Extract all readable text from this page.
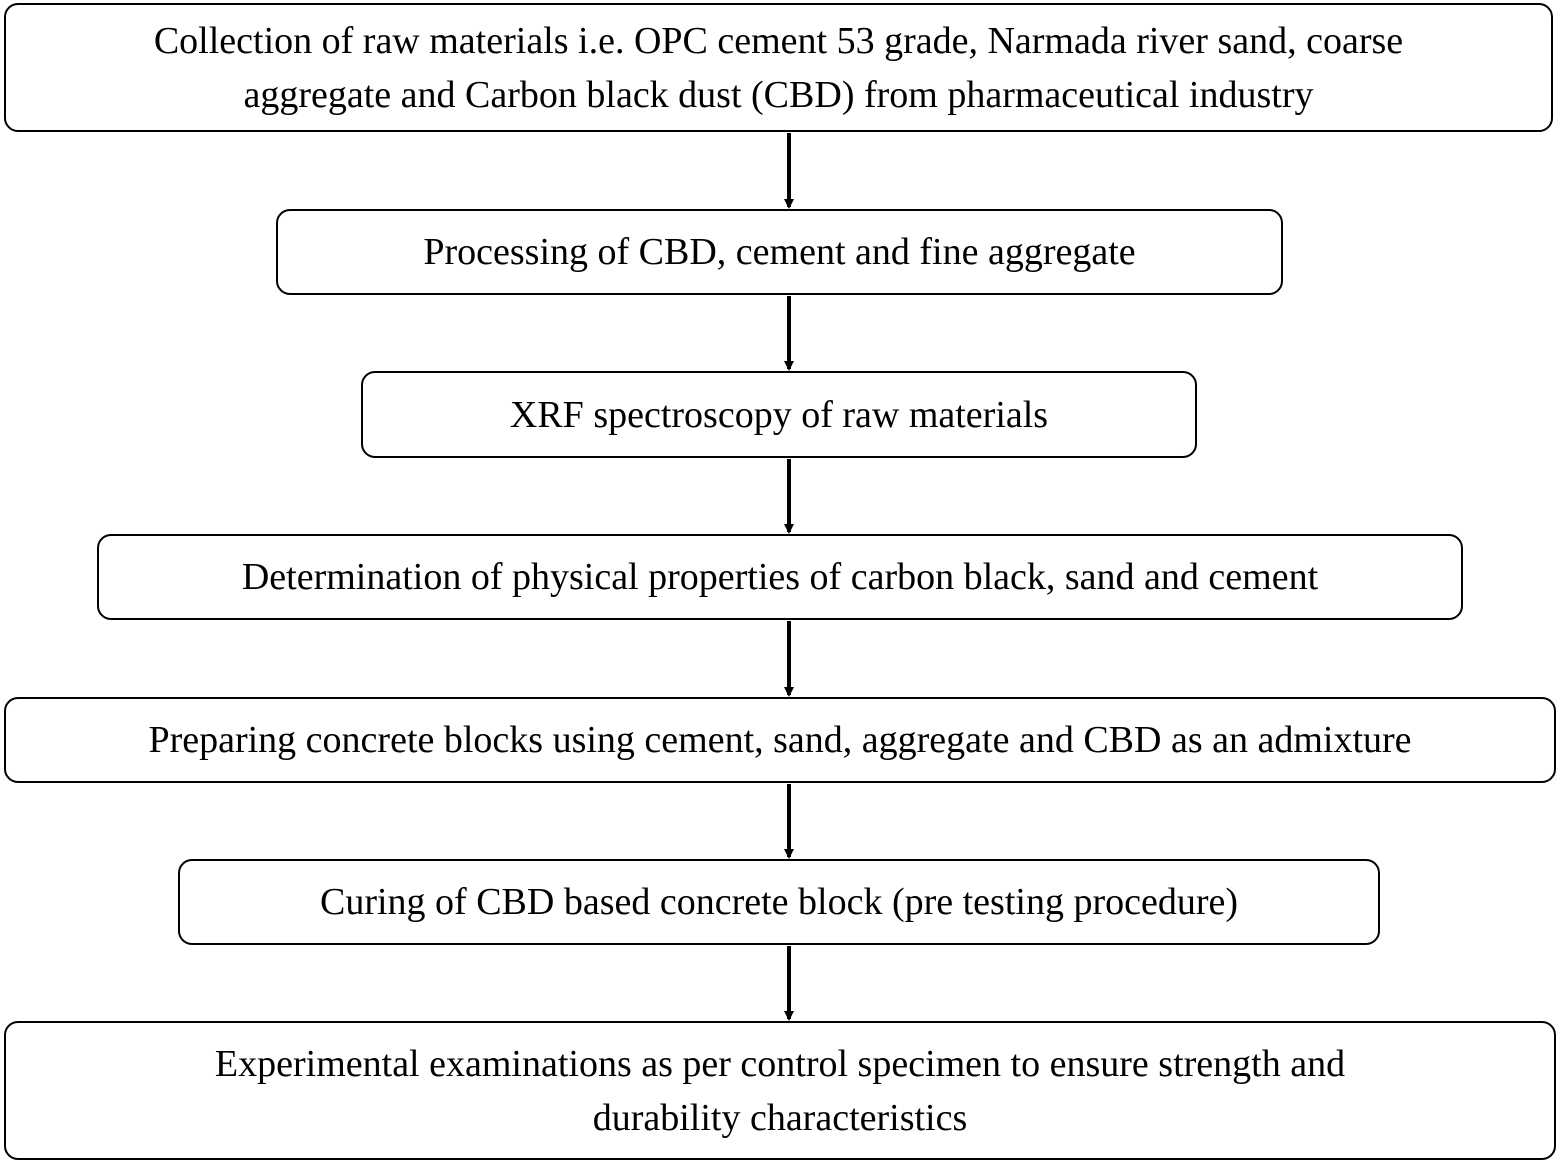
Collection of raw materials i.e. OPC cement 53 grade, Narmada river sand, coarse
aggregate and Carbon black dust (CBD) from pharmaceutical industry
Processing of CBD, cement and fine aggregate
XRF spectroscopy of raw materials
Determination of physical properties of carbon black, sand and cement
Preparing concrete blocks using cement, sand, aggregate and CBD as an admixture
Curing of CBD based concrete block (pre testing procedure)
Experimental examinations as per control specimen to ensure strength and
durability characteristics
